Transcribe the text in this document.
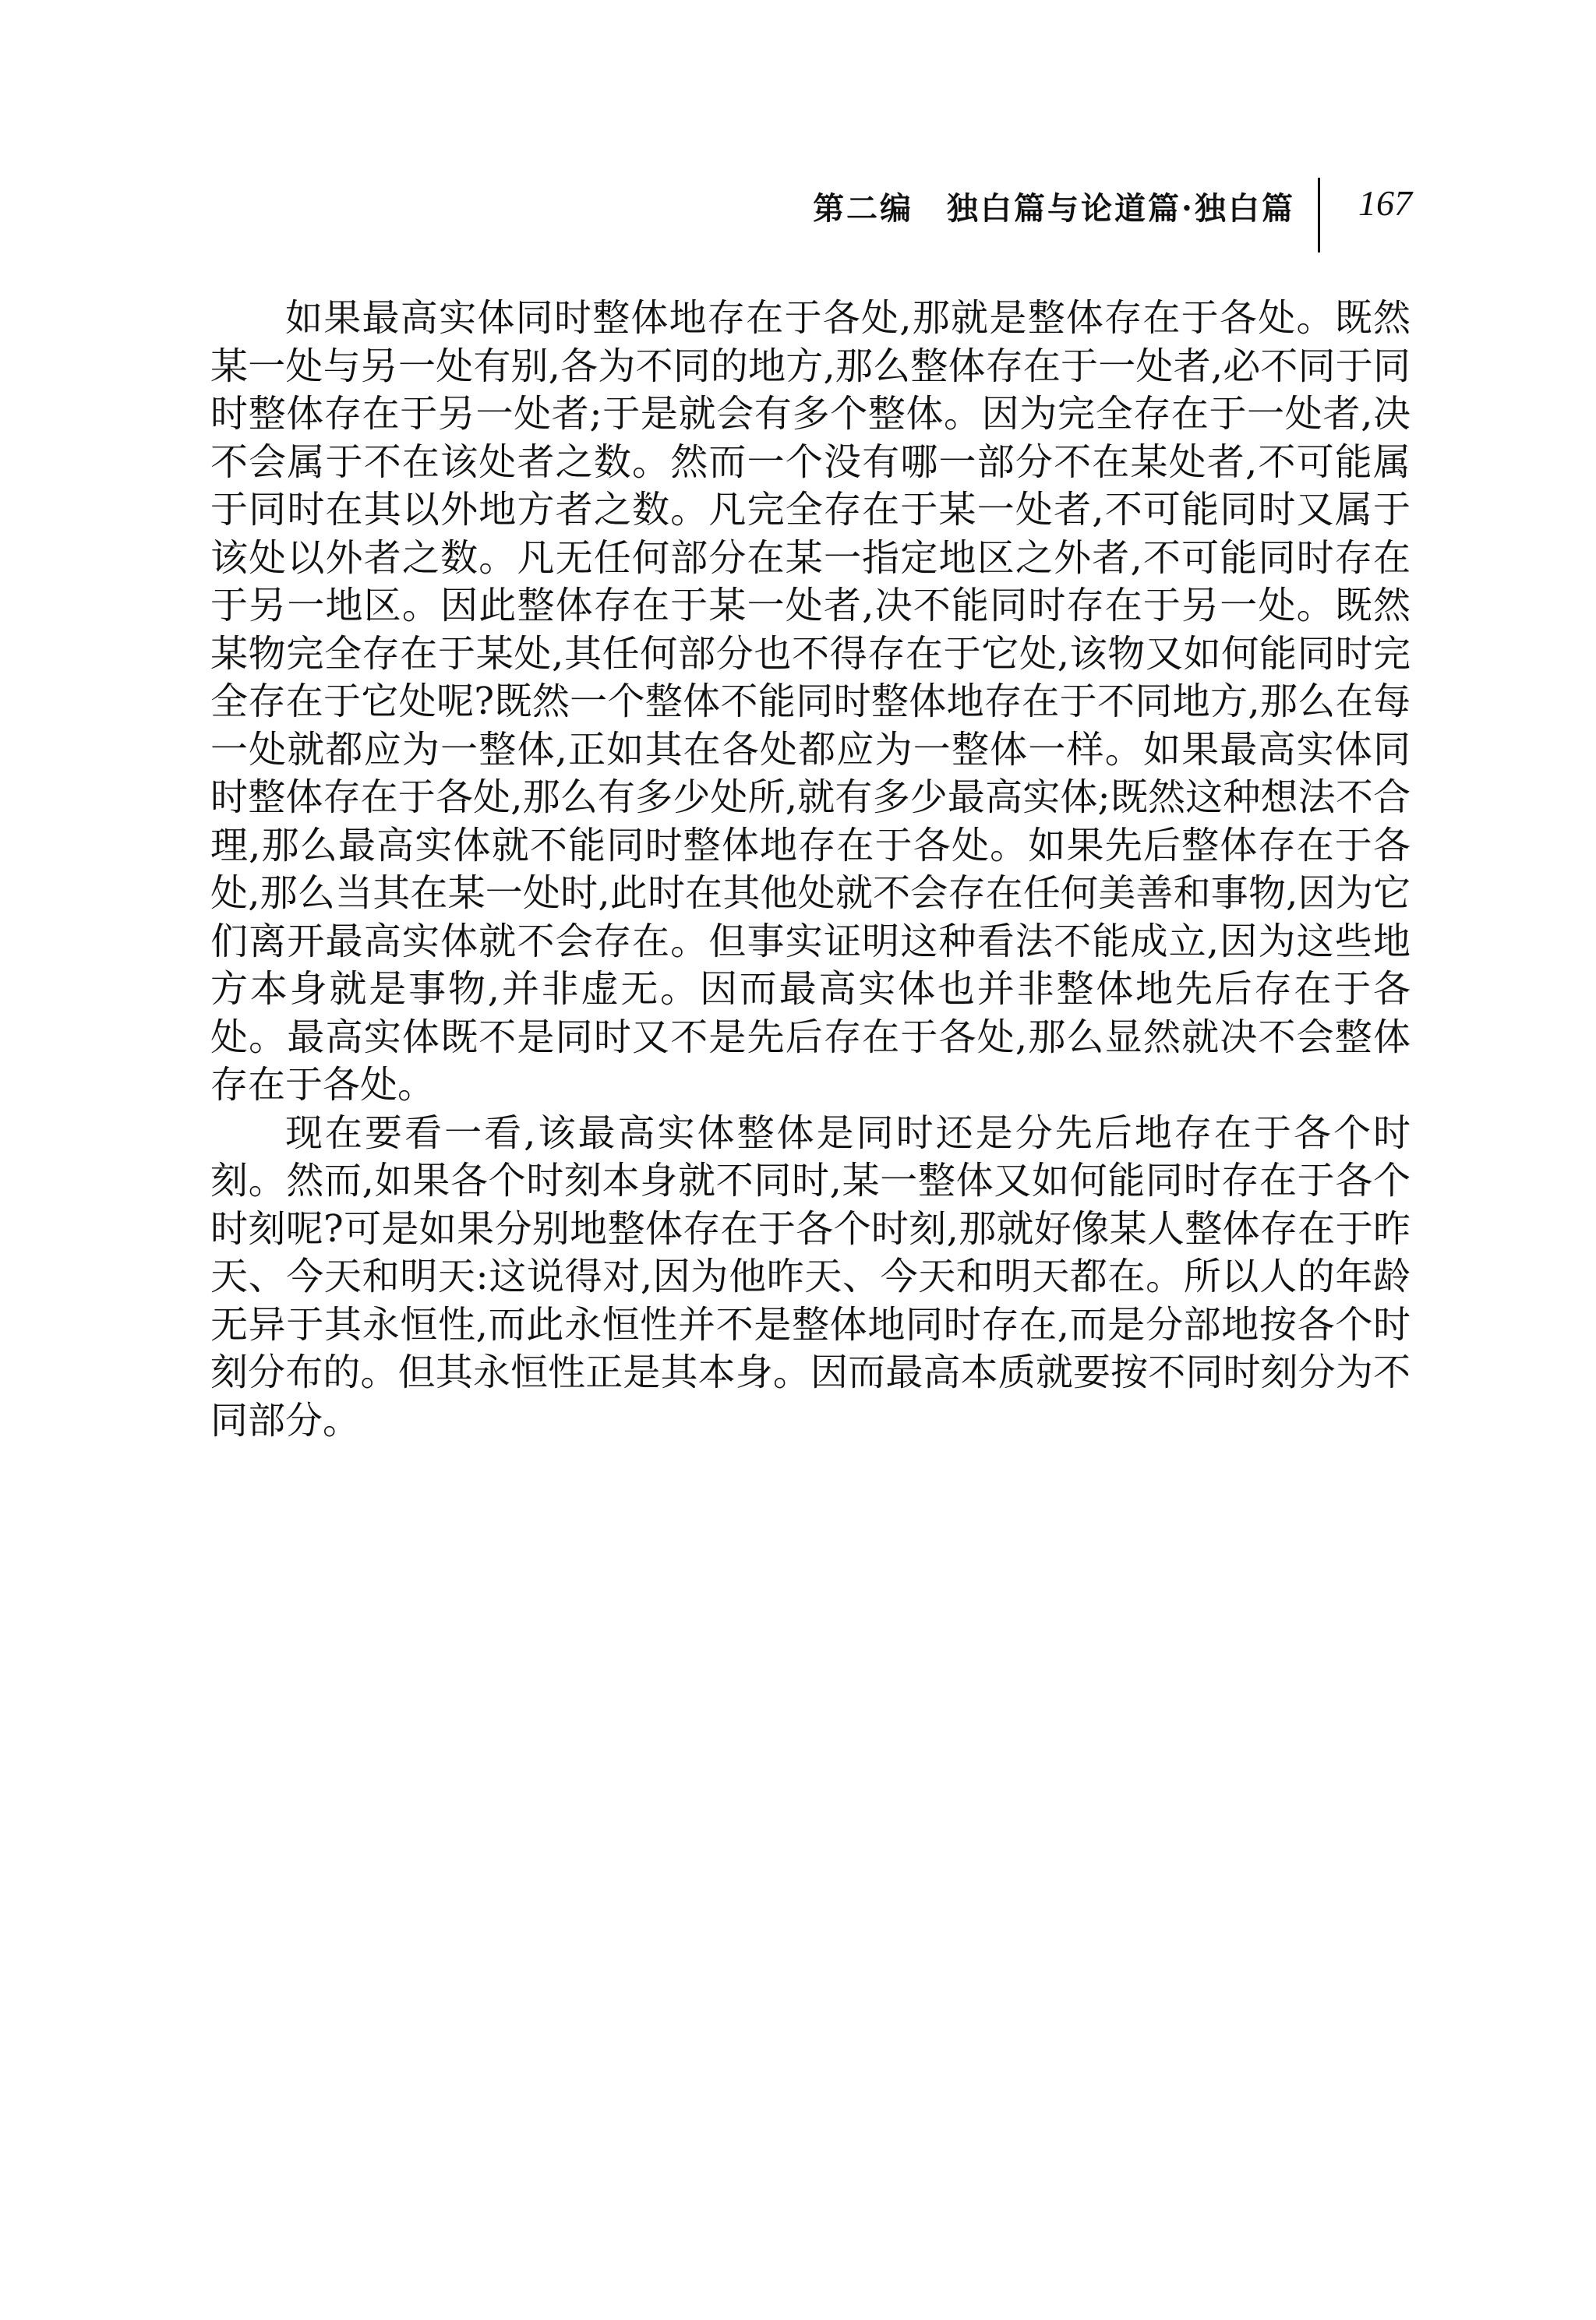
第二编　独白篇与论道篇·独白篇 167

如果最高实体同时整体地存在于各处,那就是整体存在于各处。既然某一处与另一处有别,各为不同的地方,那么整体存在于一处者,必不同于同时整体存在于另一处者;于是就会有多个整体。因为完全存在于一处者,决不会属于不在该处者之数。然而一个没有哪一部分不在某处者,不可能属于同时在其以外地方者之数。凡完全存在于某一处者,不可能同时又属于该处以外者之数。凡无任何部分在某一指定地区之外者,不可能同时存在于另一地区。因此整体存在于某一处者,决不能同时存在于另一处。既然某物完全存在于某处,其任何部分也不得存在于它处,该物又如何能同时完全存在于它处呢?既然一个整体不能同时整体地存在于不同地方,那么在每一处就都应为一整体,正如其在各处都应为一整体一样。如果最高实体同时整体存在于各处,那么有多少处所,就有多少最高实体;既然这种想法不合理,那么最高实体就不能同时整体地存在于各处。如果先后整体存在于各处,那么当其在某一处时,此时在其他处就不会存在任何美善和事物,因为它们离开最高实体就不会存在。但事实证明这种看法不能成立,因为这些地方本身就是事物,并非虚无。因而最高实体也并非整体地先后存在于各处。最高实体既不是同时又不是先后存在于各处,那么显然就决不会整体存在于各处。

现在要看一看,该最高实体整体是同时还是分先后地存在于各个时刻。然而,如果各个时刻本身就不同时,某一整体又如何能同时存在于各个时刻呢?可是如果分别地整体存在于各个时刻,那就好像某人整体存在于昨天、今天和明天:这说得对,因为他昨天、今天和明天都在。所以人的年龄无异于其永恒性,而此永恒性并不是整体地同时存在,而是分部地按各个时刻分布的。但其永恒性正是其本身。因而最高本质就要按不同时刻分为不同部分。
